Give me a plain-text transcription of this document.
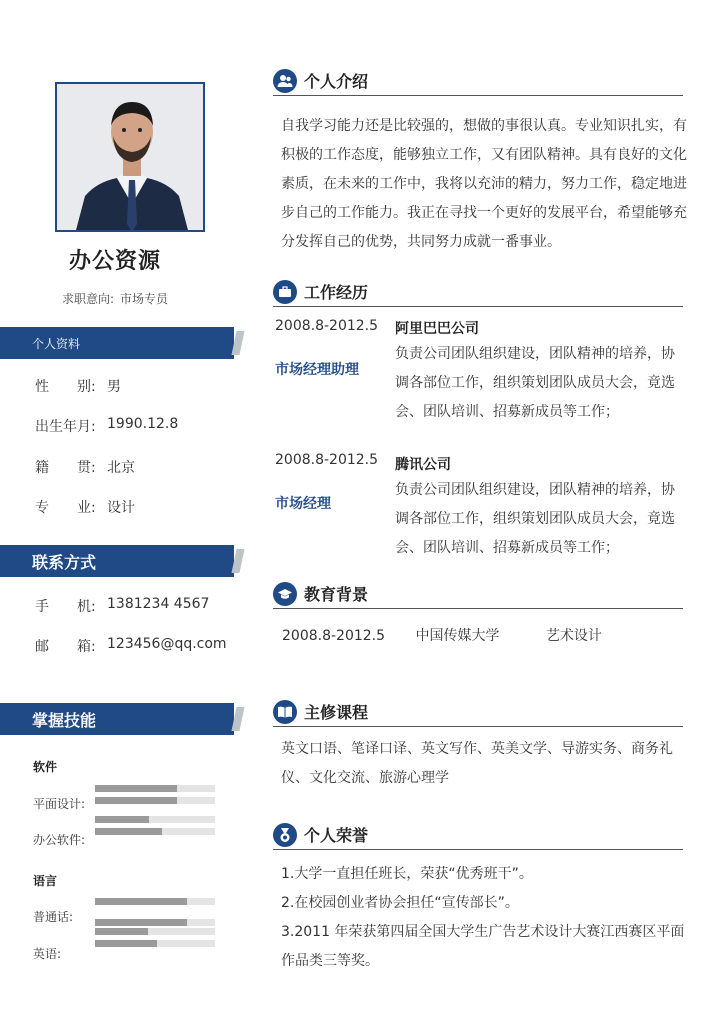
办公资源
求职意向: 市场专员
个人资料
性　　别: 男
出生年月: 1990.12.8
籍　　贯: 北京
专　　业: 设计
联系方式
手　　机: 1381234 4567
邮　　箱: 123456@qq.com
掌握技能
软件
平面设计:
办公软件:
语言
普通话:
英语:
个人介绍
自我学习能力还是比较强的，想做的事很认真。专业知识扎实，有积极的工作态度，能够独立工作，又有团队精神。具有良好的文化素质，在未来的工作中，我将以充沛的精力，努力工作，稳定地进步自己的工作能力。我正在寻找一个更好的发展平台，希望能够充分发挥自己的优势，共同努力成就一番事业。
工作经历
2008.8-2012.5 阿里巴巴公司
市场经理助理
负责公司团队组织建设，团队精神的培养，协调各部位工作，组织策划团队成员大会，竟选会、团队培训、招募新成员等工作；
2008.8-2012.5 腾讯公司
市场经理
负责公司团队组织建设，团队精神的培养，协调各部位工作，组织策划团队成员大会，竟选会、团队培训、招募新成员等工作；
教育背景
2008.8-2012.5 中国传媒大学	艺术设计
主修课程
英文口语、笔译口译、英文写作、英美文学、导游实务、商务礼仪、文化交流、旅游心理学
个人荣誉
1.大学一直担任班长，荣获“优秀班干”。
2.在校园创业者协会担任“宣传部长”。
3.2011 年荣获第四届全国大学生广告艺术设计大赛江西赛区平面作品类三等奖。
